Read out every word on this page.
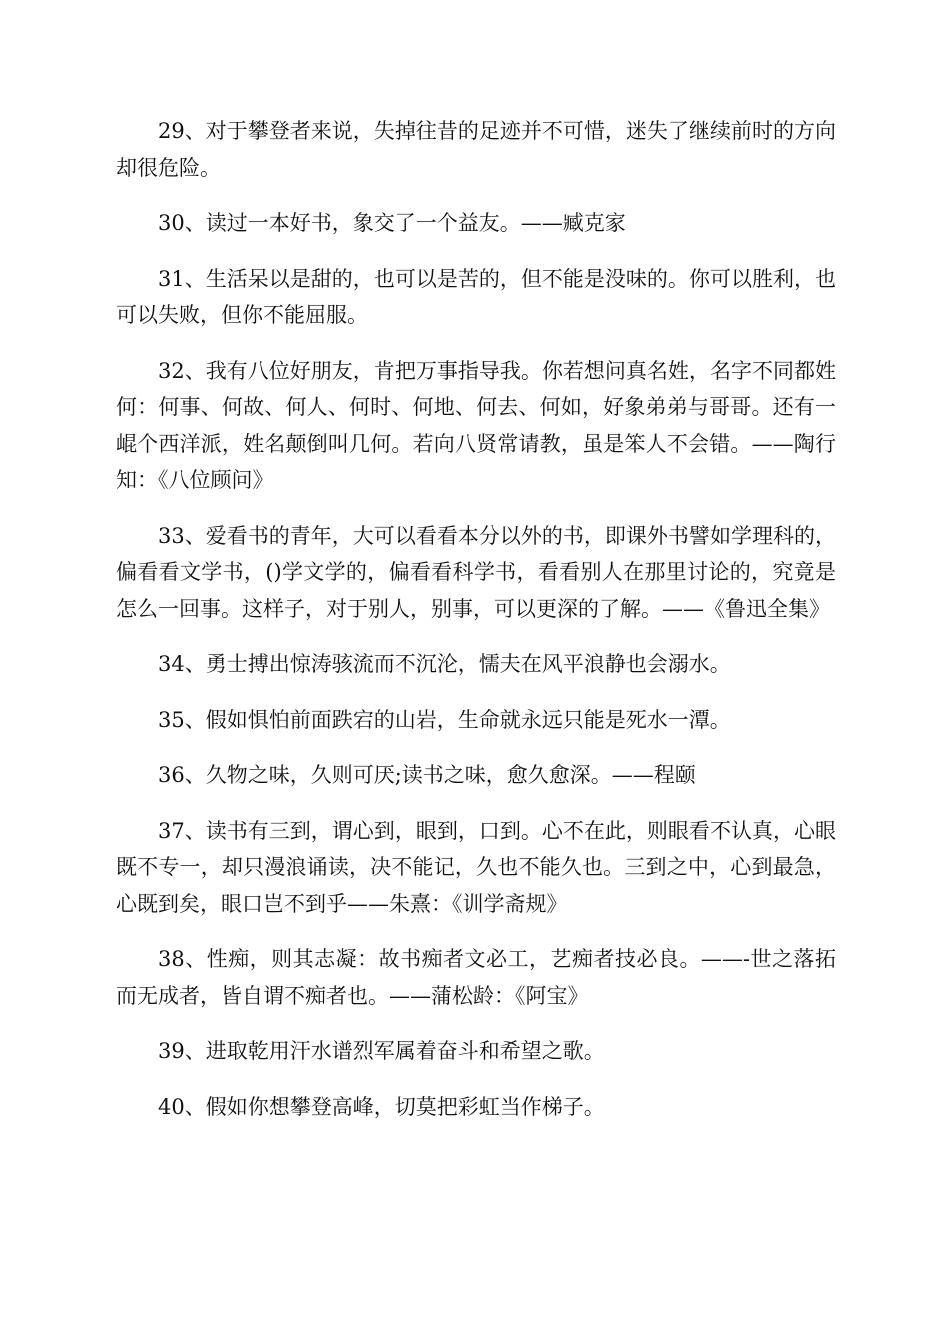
29、对于攀登者来说，失掉往昔的足迹并不可惜，迷失了继续前时的方向却很危险。

30、读过一本好书，象交了一个益友。——臧克家

31、生活呆以是甜的，也可以是苦的，但不能是没味的。你可以胜利，也可以失败，但你不能屈服。

32、我有八位好朋友，肯把万事指导我。你若想问真名姓，名字不同都姓何：何事、何故、何人、何时、何地、何去、何如，好象弟弟与哥哥。还有一崐个西洋派，姓名颠倒叫几何。若向八贤常请教，虽是笨人不会错。——陶行知：《八位顾问》

33、爱看书的青年，大可以看看本分以外的书，即课外书譬如学理科的，偏看看文学书，()学文学的，偏看看科学书，看看别人在那里讨论的，究竟是怎么一回事。这样子，对于别人，别事，可以更深的了解。——《鲁迅全集》

34、勇士搏出惊涛骇流而不沉沦，懦夫在风平浪静也会溺水。

35、假如惧怕前面跌宕的山岩，生命就永远只能是死水一潭。

36、久物之味，久则可厌;读书之味，愈久愈深。——程颐

37、读书有三到，谓心到，眼到，口到。心不在此，则眼看不认真，心眼既不专一，却只漫浪诵读，决不能记，久也不能久也。三到之中，心到最急，心既到矣，眼口岂不到乎——朱熹：《训学斋规》

38、性痴，则其志凝：故书痴者文必工，艺痴者技必良。——-世之落拓而无成者，皆自谓不痴者也。——蒲松龄：《阿宝》

39、进取乾用汗水谱烈军属着奋斗和希望之歌。

40、假如你想攀登高峰，切莫把彩虹当作梯子。
